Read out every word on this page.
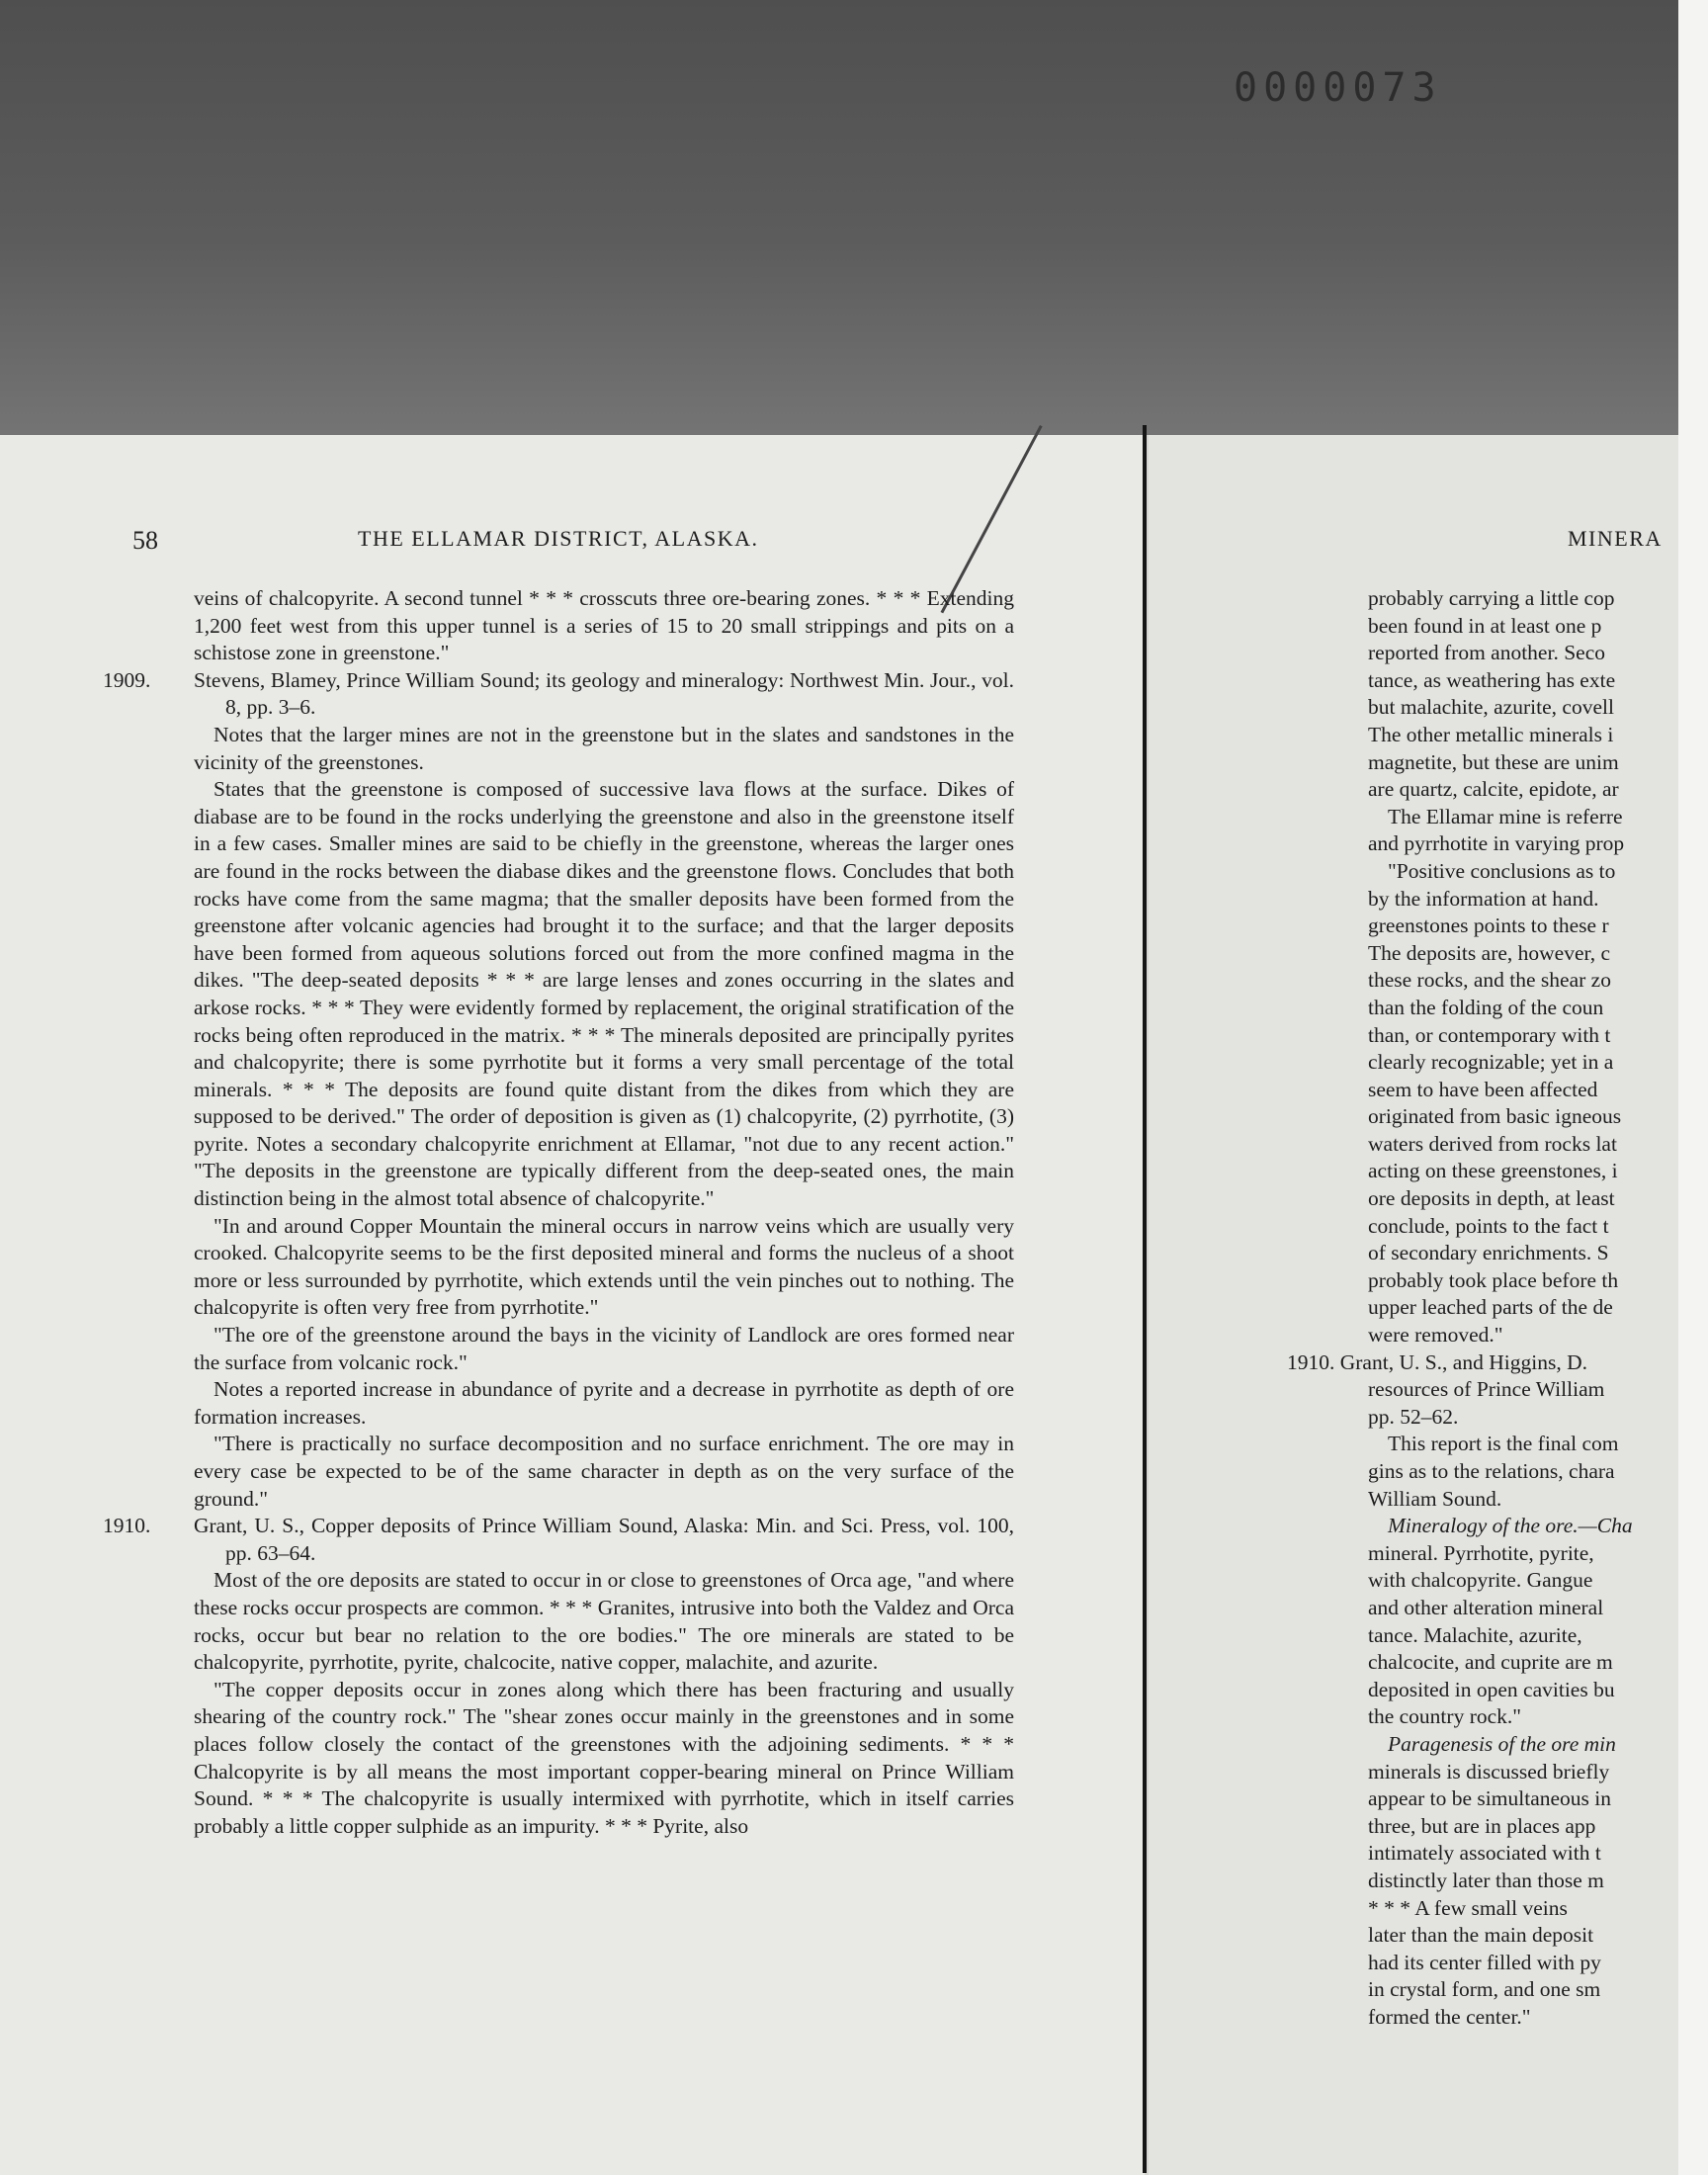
0000073
58	THE ELLAMAR DISTRICT, ALASKA.	MINERA

veins of chalcopyrite. A second tunnel * * * crosscuts three ore-bearing zones. * * * Extending 1,200 feet west from this upper tunnel is a series of 15 to 20 small strippings and pits on a schistose zone in greenstone."

1909. Stevens, Blamey, Prince William Sound; its geology and mineralogy: Northwest Min. Jour., vol. 8, pp. 3–6.

Notes that the larger mines are not in the greenstone but in the slates and sandstones in the vicinity of the greenstones.

States that the greenstone is composed of successive lava flows at the surface. Dikes of diabase are to be found in the rocks underlying the greenstone and also in the greenstone itself in a few cases. Smaller mines are said to be chiefly in the greenstone, whereas the larger ones are found in the rocks between the diabase dikes and the greenstone flows. Concludes that both rocks have come from the same magma; that the smaller deposits have been formed from the greenstone after volcanic agencies had brought it to the surface; and that the larger deposits have been formed from aqueous solutions forced out from the more confined magma in the dikes. "The deep-seated deposits * * * are large lenses and zones occurring in the slates and arkose rocks. * * * They were evidently formed by replacement, the original stratification of the rocks being often reproduced in the matrix. * * * The minerals deposited are principally pyrites and chalcopyrite; there is some pyrrhotite but it forms a very small percentage of the total minerals. * * * The deposits are found quite distant from the dikes from which they are supposed to be derived." The order of deposition is given as (1) chalcopyrite, (2) pyrrhotite, (3) pyrite. Notes a secondary chalcopyrite enrichment at Ellamar, "not due to any recent action." "The deposits in the greenstone are typically different from the deep-seated ones, the main distinction being in the almost total absence of chalcopyrite."

"In and around Copper Mountain the mineral occurs in narrow veins which are usually very crooked. Chalcopyrite seems to be the first deposited mineral and forms the nucleus of a shoot more or less surrounded by pyrrhotite, which extends until the vein pinches out to nothing. The chalcopyrite is often very free from pyrrhotite."

"The ore of the greenstone around the bays in the vicinity of Landlock are ores formed near the surface from volcanic rock."

Notes a reported increase in abundance of pyrite and a decrease in pyrrhotite as depth of ore formation increases.

"There is practically no surface decomposition and no surface enrichment. The ore may in every case be expected to be of the same character in depth as on the very surface of the ground."

1910. Grant, U. S., Copper deposits of Prince William Sound, Alaska: Min. and Sci. Press, vol. 100, pp. 63–64.

Most of the ore deposits are stated to occur in or close to greenstones of Orca age, "and where these rocks occur prospects are common. * * * Granites, intrusive into both the Valdez and Orca rocks, occur but bear no relation to the ore bodies." The ore minerals are stated to be chalcopyrite, pyrrhotite, pyrite, chalcocite, native copper, malachite, and azurite.

"The copper deposits occur in zones along which there has been fracturing and usually shearing of the country rock." The "shear zones occur mainly in the greenstones and in some places follow closely the contact of the greenstones with the adjoining sediments. * * * Chalcopyrite is by all means the most important copper-bearing mineral on Prince William Sound. * * * The chalcopyrite is usually intermixed with pyrrhotite, which in itself carries probably a little copper sulphide as an impurity. * * * Pyrite, also

probably carrying a little cop

been found in at least one p

reported from another. Seco

tance, as weathering has exte

but malachite, azurite, covell

The other metallic minerals i

magnetite, but these are unim

are quartz, calcite, epidote, ar

The Ellamar mine is referre

and pyrrhotite in varying prop

"Positive conclusions as to

by the information at hand.

greenstones points to these r

The deposits are, however, c

these rocks, and the shear zo

than the folding of the coun

than, or contemporary with t

clearly recognizable; yet in a

seem to have been affected

originated from basic igneous

waters derived from rocks lat

acting on these greenstones, i

ore deposits in depth, at least

conclude, points to the fact t

of secondary enrichments. S

probably took place before th

upper leached parts of the de

were removed."

1910. Grant, U. S., and Higgins, D.

resources of Prince William

pp. 52–62.

This report is the final com

gins as to the relations, chara

William Sound.

Mineralogy of the ore.—Cha

mineral. Pyrrhotite, pyrite,

with chalcopyrite. Gangue

and other alteration mineral

tance. Malachite, azurite,

chalcocite, and cuprite are m

deposited in open cavities bu

the country rock."

Paragenesis of the ore min

minerals is discussed briefly

appear to be simultaneous in

three, but are in places app

intimately associated with t

distinctly later than those m

* * * A few small veins

later than the main deposit

had its center filled with py

in crystal form, and one sm

formed the center."
